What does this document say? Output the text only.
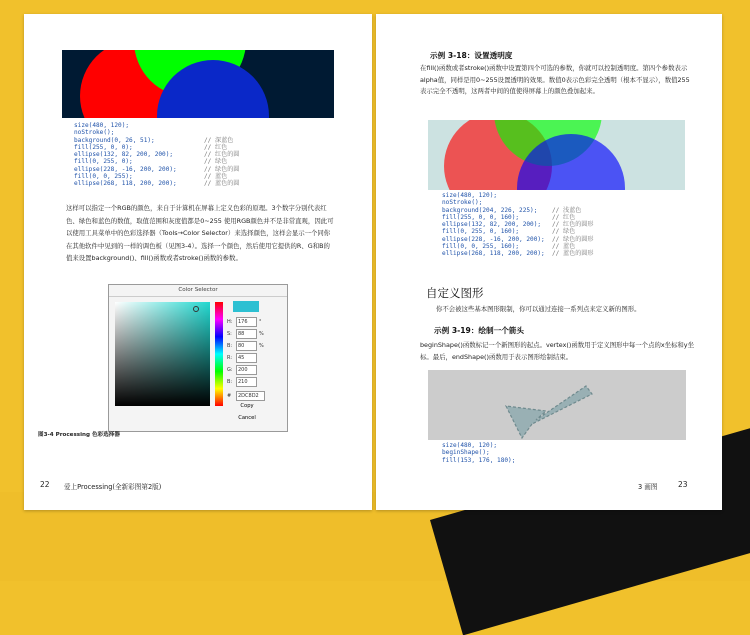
size(480, 120);
noStroke();
background(0, 26, 51);	// 深蓝色
fill(255, 0, 0);	// 红色
ellipse(132, 82, 200, 200);	// 红色的圆
fill(0, 255, 0);	// 绿色
ellipse(228, -16, 200, 200);	// 绿色的圆
fill(0, 0, 255);	// 蓝色
ellipse(268, 118, 200, 200);	// 蓝色的圆
这样可以指定一个RGB的颜色，来自于计算机在屏幕上定义色彩的原理。3个数字分别代表红色、绿色和蓝色的数值，取值范围和灰度值都是0~255 使用RGB颜色并不是非常直观，因此可以使用工具菜单中的色彩选择器（Tools→Color Selector）来选择颜色，这样会显示一个同你在其他软件中见到的一样的调色板（见图3-4）。选择一个颜色，然后使用它提供的R、G和B的值来设置background()、fill()函数或者stroke()函数的参数。
Color Selector
H:	176	°
S:	88	%
B:	80	%
R:	45
G:	200
B:	210
#	2DC8D2
Copy
Cancel
图3-4 Processing 色彩选择器
22 爱上Processing(全新彩图第2版)
示例 3-18：设置透明度
在fill()函数或者stroke()函数中设置第四个可选的参数，你就可以控制透明度。第四个参数表示alpha值，同样是用0~255设置透明的效果。数值0表示色彩完全透明（根本不显示），数值255表示完全不透明，这两者中间的值使得屏幕上的颜色叠加起来。
size(480, 120);
noStroke();
background(204, 226, 225); // 浅蓝色
fill(255, 0, 0, 160);	// 红色
ellipse(132, 82, 200, 200); // 红色的圆形
fill(0, 255, 0, 160);	// 绿色
ellipse(228, -16, 200, 200); // 绿色的圆形
fill(0, 0, 255, 160);	// 蓝色
ellipse(268, 118, 200, 200); // 蓝色的圆形
自定义图形
你不会被这些基本图形限制，你可以通过连接一系列点来定义新的图形。
示例 3-19：绘制一个箭头
beginShape()函数标记一个新图形的起点。vertex()函数用于定义图形中每一个点的x坐标和y坐标。最后，endShape()函数用于表示图形绘制结束。
size(480, 120);
beginShape();
fill(153, 176, 180);
3 画图	23
